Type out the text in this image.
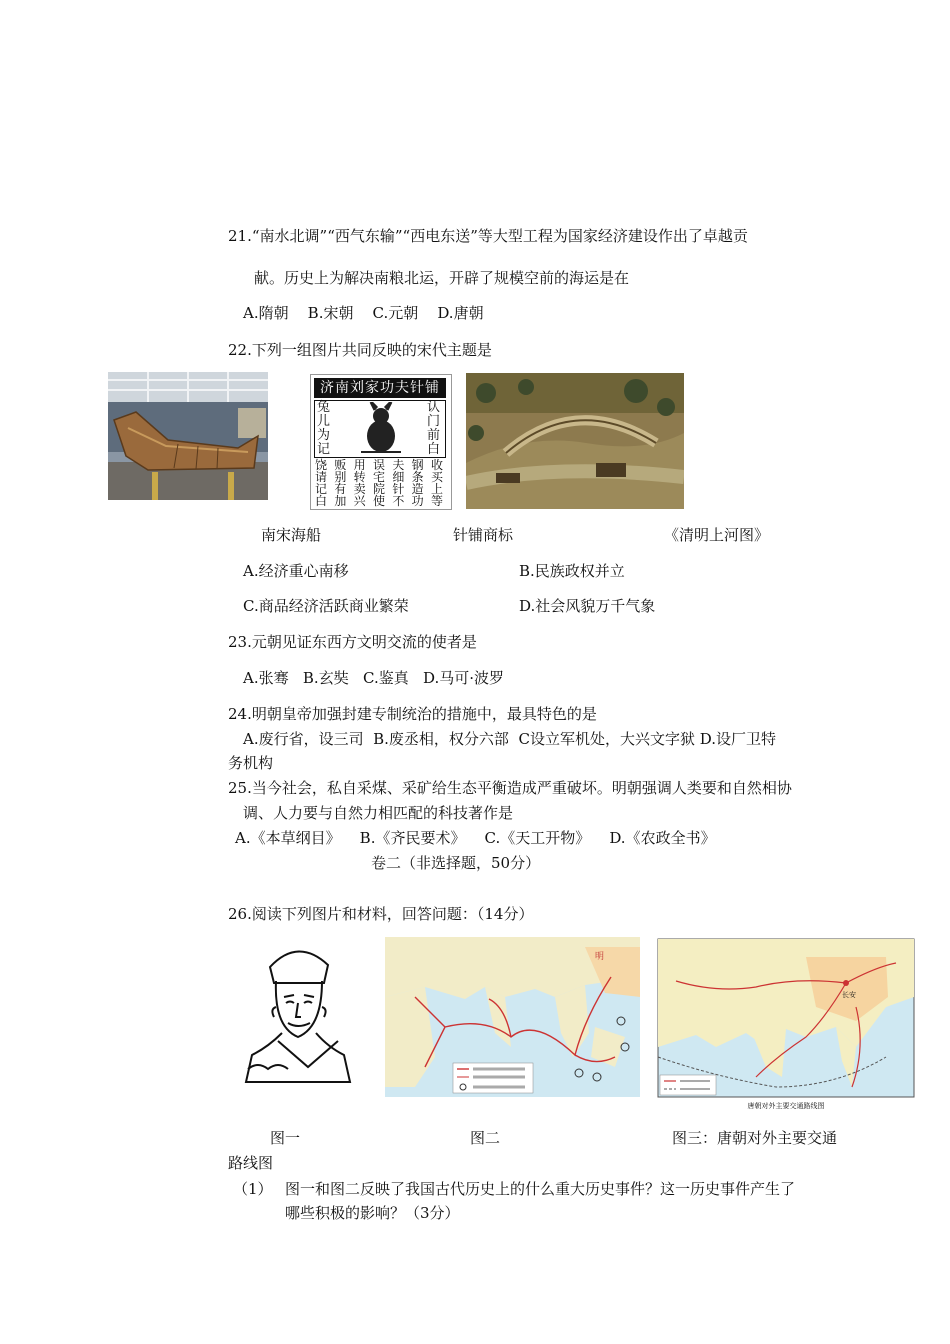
21.“南水北调”“西气东输”“西电东送”等大型工程为国家经济建设作出了卓越贡
献。历史上为解决南粮北运，开辟了规模空前的海运是在
A.隋朝    B.宋朝    C.元朝    D.唐朝
22.下列一组图片共同反映的宋代主题是
济南刘家功夫针铺
兔
儿
为
记
认
门
前
白
收买上等
钢条造功
夫细针不
误宅院使
用转卖兴
贩别有加
饶请记白
南宋海船	针铺商标	《清明上河图》
A.经济重心南移	B.民族政权并立
C.商品经济活跃商业繁荣	D.社会风貌万千气象
23.元朝见证东西方文明交流的使者是
A.张骞   B.玄奘   C.鉴真   D.马可·波罗
24.明朝皇帝加强封建专制统治的措施中，最具特色的是
A.废行省，设三司  B.废丞相，权分六部  C设立军机处，大兴文字狱 D.设厂卫特
务机构
25.当今社会，私自采煤、采矿给生态平衡造成严重破坏。明朝强调人类要和自然相协
调、人力要与自然力相匹配的科技著作是
A.《本草纲目》    B.《齐民要术》    C.《天工开物》    D.《农政全书》
卷二（非选择题，50分）
26.阅读下列图片和材料，回答问题：（14分）
明
长安
唐朝对外主要交通路线图
图一	图二	图三：唐朝对外主要交通
路线图
（1） 图一和图二反映了我国古代历史上的什么重大历史事件？这一历史事件产生了
哪些积极的影响？（3分）
